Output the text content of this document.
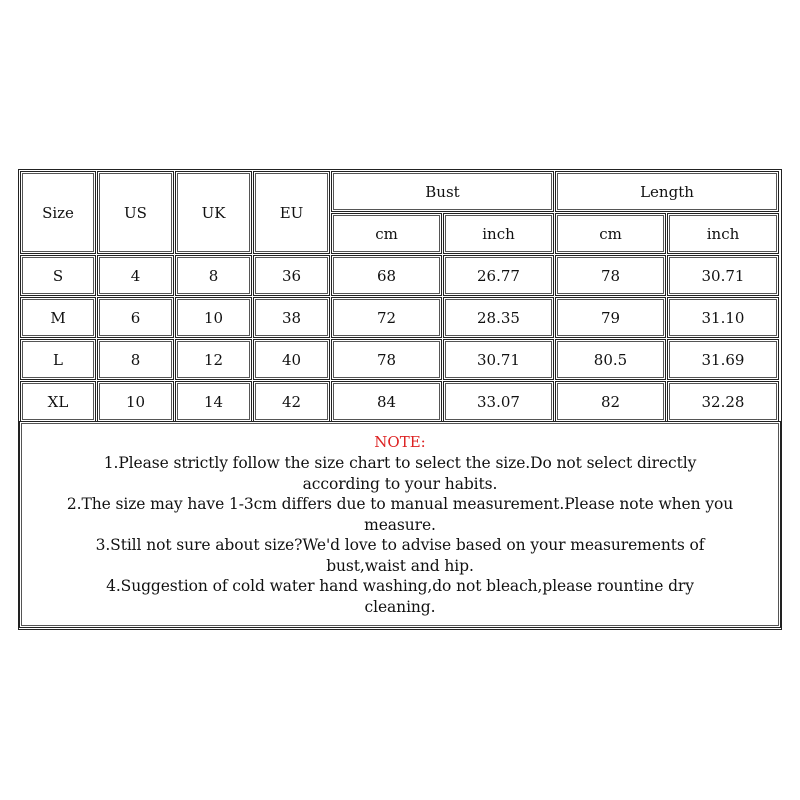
Size	US	UK	EU
Bust	Length
cm	inch	cm	inch
S	4	8	36	68	26.77	78	30.71
M	6	10	38	72	28.35	79	31.10
L	8	12	40	78	30.71	80.5	31.69
XL	10	14	42	84	33.07	82	32.28
NOTE:
1.Please strictly follow the size chart to select the size.Do not select directly
according to your habits.
2.The size may have 1-3cm differs due to manual measurement.Please note when you
measure.
3.Still not sure about size?We'd love to advise based on your measurements of
bust,waist and hip.
4.Suggestion of cold water hand washing,do not bleach,please rountine dry
cleaning.
